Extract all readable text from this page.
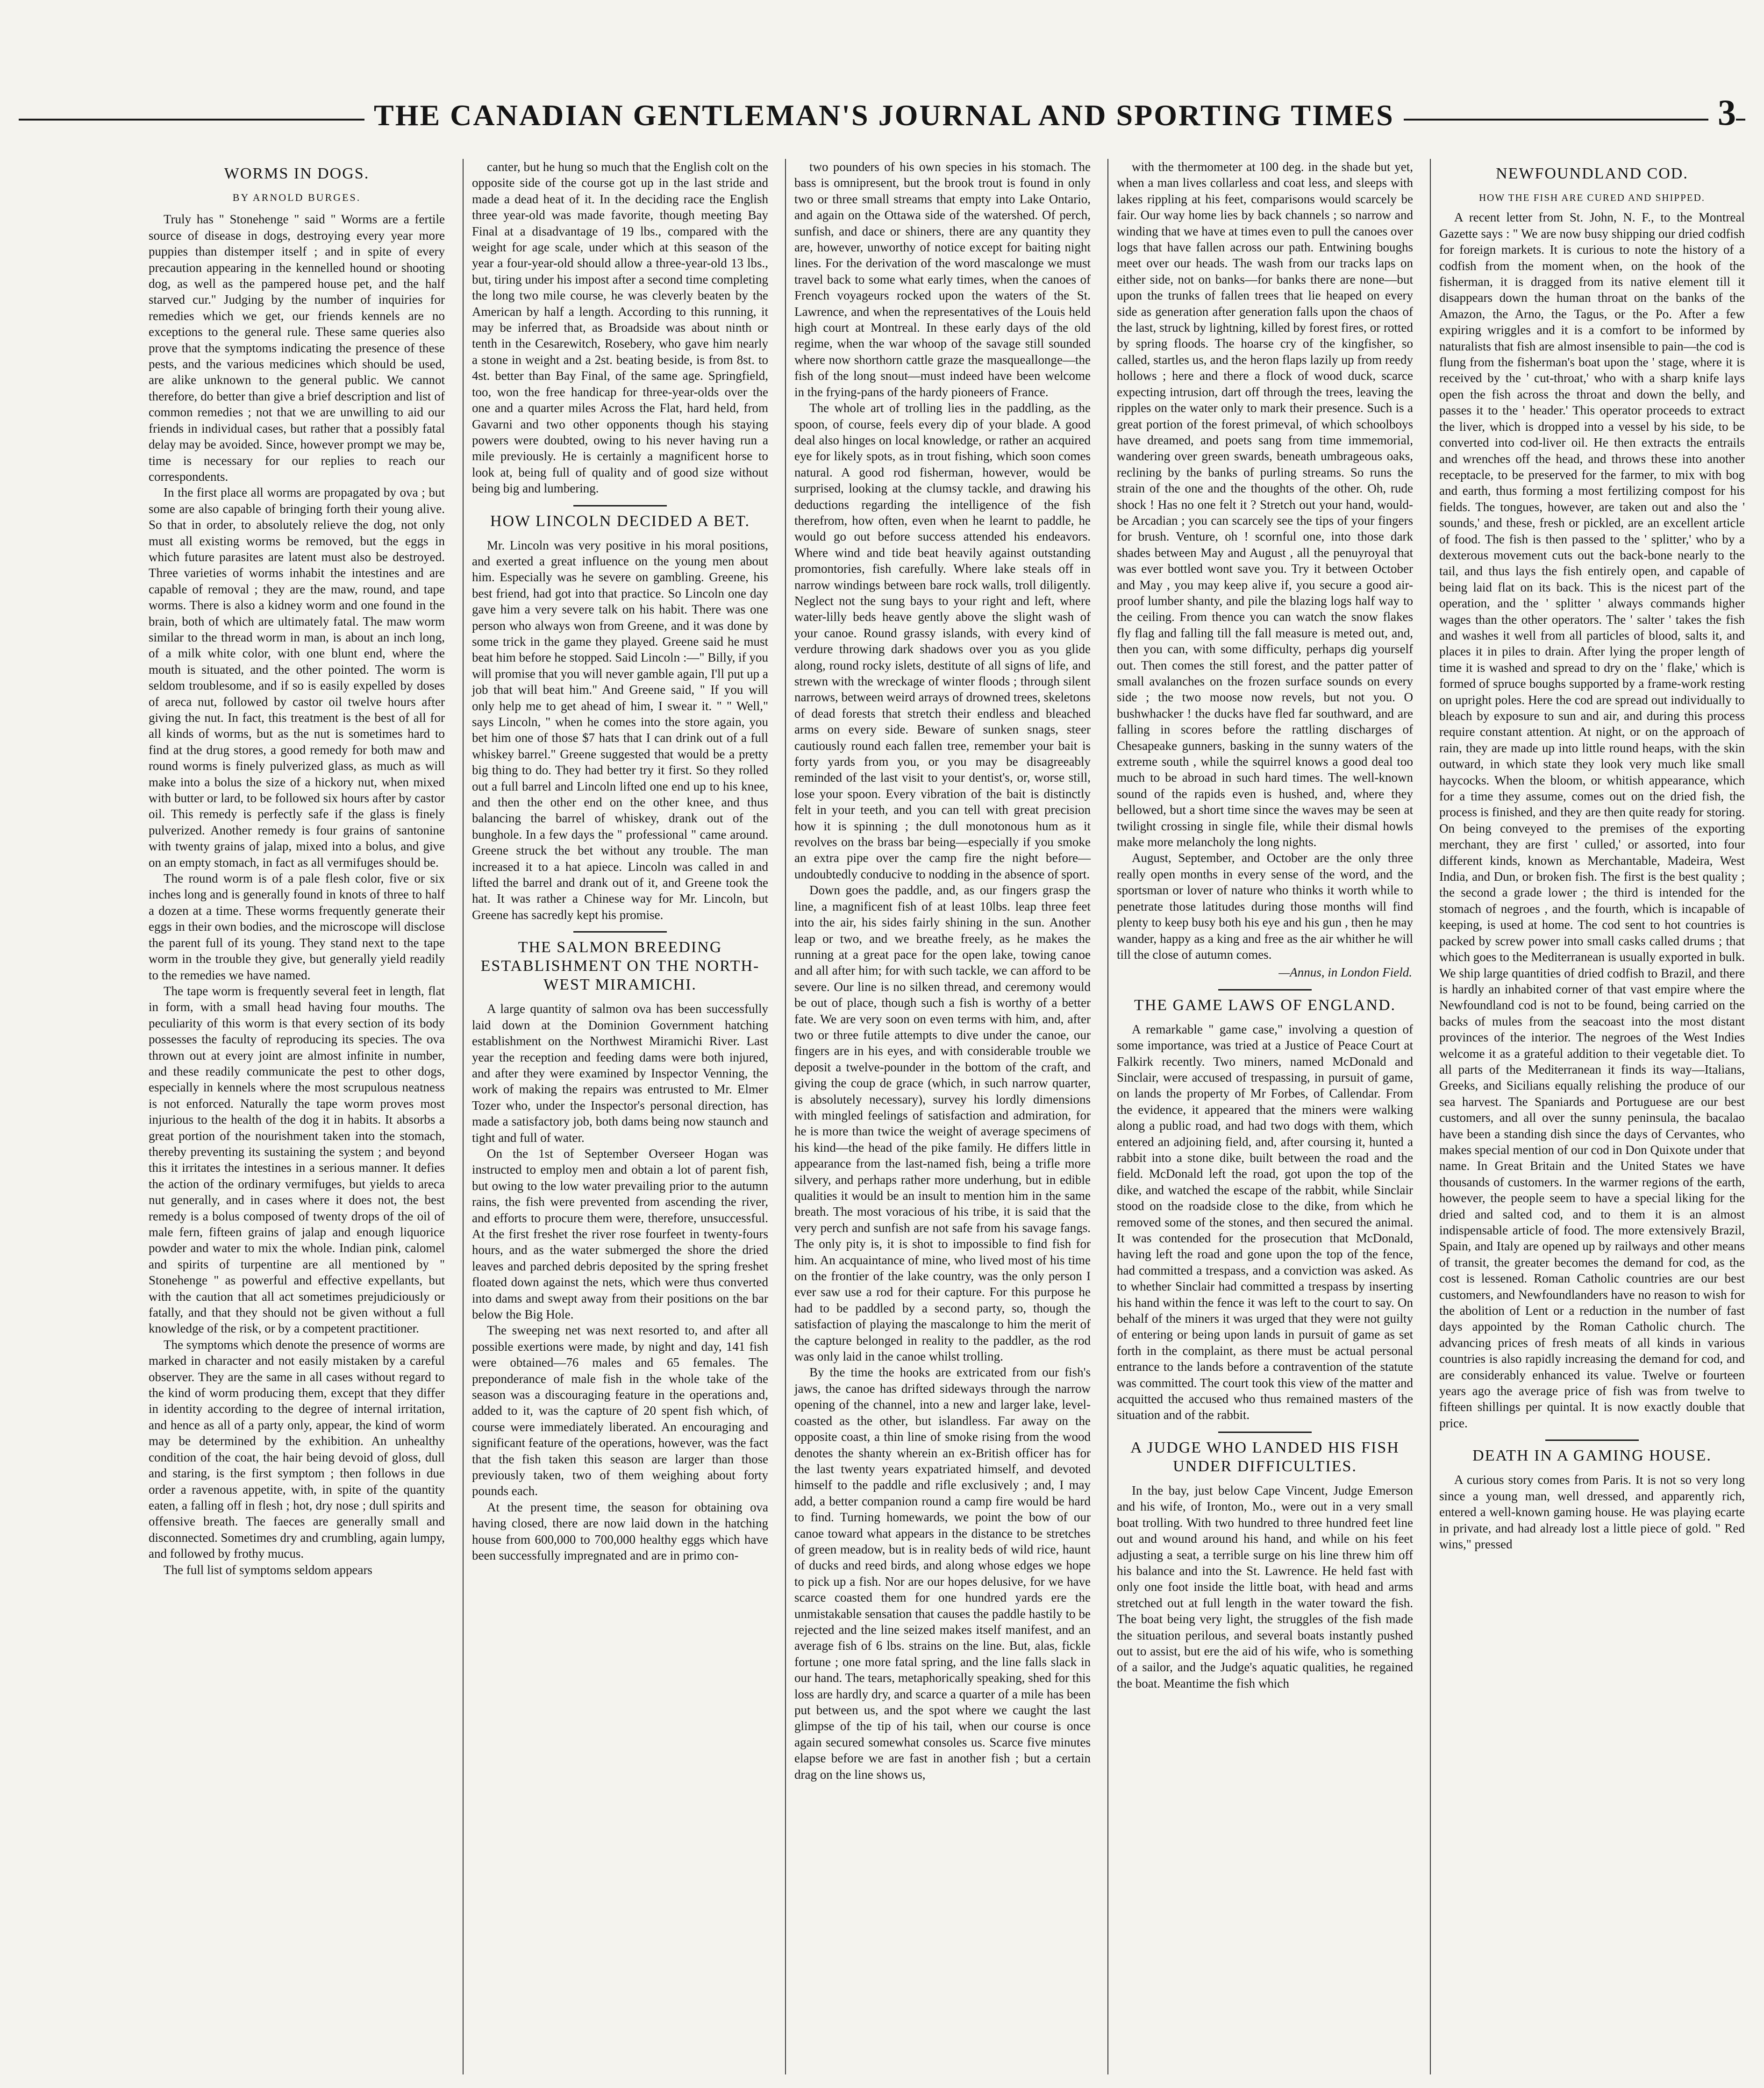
THE CANADIAN GENTLEMAN'S JOURNAL AND SPORTING TIMES	3
WORMS IN DOGS.
BY ARNOLD BURGES.

Truly has " Stonehenge " said " Worms are a fertile source of disease in dogs, destroying every year more puppies than distemper itself ; and in spite of every precaution appearing in the kennelled hound or shooting dog, as well as the pampered house pet, and the half starved cur." Judging by the number of inquiries for remedies which we get, our friends kennels are no exceptions to the general rule. These same queries also prove that the symptoms indicating the presence of these pests, and the various medicines which should be used, are alike unknown to the general public. We cannot therefore, do better than give a brief description and list of common remedies ; not that we are unwilling to aid our friends in individual cases, but rather that a possibly fatal delay may be avoided. Since, however prompt we may be, time is necessary for our replies to reach our correspondents.

In the first place all worms are propagated by ova ; but some are also capable of bringing forth their young alive. So that in order, to absolutely relieve the dog, not only must all existing worms be removed, but the eggs in which future parasites are latent must also be destroyed. Three varieties of worms inhabit the intestines and are capable of removal ; they are the maw, round, and tape worms. There is also a kidney worm and one found in the brain, both of which are ultimately fatal. The maw worm similar to the thread worm in man, is about an inch long, of a milk white color, with one blunt end, where the mouth is situated, and the other pointed. The worm is seldom troublesome, and if so is easily expelled by doses of areca nut, followed by castor oil twelve hours after giving the nut. In fact, this treatment is the best of all for all kinds of worms, but as the nut is sometimes hard to find at the drug stores, a good remedy for both maw and round worms is finely pulverized glass, as much as will make into a bolus the size of a hickory nut, when mixed with butter or lard, to be followed six hours after by castor oil. This remedy is perfectly safe if the glass is finely pulverized. Another remedy is four grains of santonine with twenty grains of jalap, mixed into a bolus, and give on an empty stomach, in fact as all vermifuges should be.

The round worm is of a pale flesh color, five or six inches long and is generally found in knots of three to half a dozen at a time. These worms frequently generate their eggs in their own bodies, and the microscope will disclose the parent full of its young. They stand next to the tape worm in the trouble they give, but generally yield readily to the remedies we have named.

The tape worm is frequently several feet in length, flat in form, with a small head having four mouths. The peculiarity of this worm is that every section of its body possesses the faculty of reproducing its species. The ova thrown out at every joint are almost infinite in number, and these readily communicate the pest to other dogs, especially in kennels where the most scrupulous neatness is not enforced. Naturally the tape worm proves most injurious to the health of the dog it in habits. It absorbs a great portion of the nourishment taken into the stomach, thereby preventing its sustaining the system ; and beyond this it irritates the intestines in a serious manner. It defies the action of the ordinary vermifuges, but yields to areca nut generally, and in cases where it does not, the best remedy is a bolus composed of twenty drops of the oil of male fern, fifteen grains of jalap and enough liquorice powder and water to mix the whole. Indian pink, calomel and spirits of turpentine are all mentioned by " Stonehenge " as powerful and effective expellants, but with the caution that all act sometimes prejudiciously or fatally, and that they should not be given without a full knowledge of the risk, or by a competent practitioner.

The symptoms which denote the presence of worms are marked in character and not easily mistaken by a careful observer. They are the same in all cases without regard to the kind of worm producing them, except that they differ in identity according to the degree of internal irritation, and hence as all of a party only, appear, the kind of worm may be determined by the exhibition. An unhealthy condition of the coat, the hair being devoid of gloss, dull and staring, is the first symptom ; then follows in due order a ravenous appetite, with, in spite of the quantity eaten, a falling off in flesh ; hot, dry nose ; dull spirits and offensive breath. The faeces are generally small and disconnected. Sometimes dry and crumbling, again lumpy, and followed by frothy mucus.

The full list of symptoms seldom appears

canter, but he hung so much that the English colt on the opposite side of the course got up in the last stride and made a dead heat of it. In the deciding race the English three year-old was made favorite, though meeting Bay Final at a disadvantage of 19 lbs., compared with the weight for age scale, under which at this season of the year a four-year-old should allow a three-year-old 13 lbs., but, tiring under his impost after a second time completing the long two mile course, he was cleverly beaten by the American by half a length. According to this running, it may be inferred that, as Broadside was about ninth or tenth in the Cesarewitch, Rosebery, who gave him nearly a stone in weight and a 2st. beating beside, is from 8st. to 4st. better than Bay Final, of the same age. Springfield, too, won the free handicap for three-year-olds over the one and a quarter miles Across the Flat, hard held, from Gavarni and two other opponents though his staying powers were doubted, owing to his never having run a mile previously. He is certainly a magnificent horse to look at, being full of quality and of good size without being big and lumbering.

HOW LINCOLN DECIDED A BET.

Mr. Lincoln was very positive in his moral positions, and exerted a great influence on the young men about him. Especially was he severe on gambling. Greene, his best friend, had got into that practice. So Lincoln one day gave him a very severe talk on his habit. There was one person who always won from Greene, and it was done by some trick in the game they played. Greene said he must beat him before he stopped. Said Lincoln :—" Billy, if you will promise that you will never gamble again, I'll put up a job that will beat him." And Greene said, " If you will only help me to get ahead of him, I swear it. " " Well," says Lincoln, " when he comes into the store again, you bet him one of those $7 hats that I can drink out of a full whiskey barrel." Greene suggested that would be a pretty big thing to do. They had better try it first. So they rolled out a full barrel and Lincoln lifted one end up to his knee, and then the other end on the other knee, and thus balancing the barrel of whiskey, drank out of the bunghole. In a few days the " professional " came around. Greene struck the bet without any trouble. The man increased it to a hat apiece. Lincoln was called in and lifted the barrel and drank out of it, and Greene took the hat. It was rather a Chinese way for Mr. Lincoln, but Greene has sacredly kept his promise.

THE SALMON BREEDING ESTABLISHMENT ON THE NORTH-WEST MIRAMICHI.

A large quantity of salmon ova has been successfully laid down at the Dominion Government hatching establishment on the Northwest Miramichi River. Last year the reception and feeding dams were both injured, and after they were examined by Inspector Venning, the work of making the repairs was entrusted to Mr. Elmer Tozer who, under the Inspector's personal direction, has made a satisfactory job, both dams being now staunch and tight and full of water.

On the 1st of September Overseer Hogan was instructed to employ men and obtain a lot of parent fish, but owing to the low water prevailing prior to the autumn rains, the fish were prevented from ascending the river, and efforts to procure them were, therefore, unsuccessful. At the first freshet the river rose fourfeet in twenty-fours hours, and as the water submerged the shore the dried leaves and parched debris deposited by the spring freshet floated down against the nets, which were thus converted into dams and swept away from their positions on the bar below the Big Hole.

The sweeping net was next resorted to, and after all possible exertions were made, by night and day, 141 fish were obtained—76 males and 65 females. The preponderance of male fish in the whole take of the season was a discouraging feature in the operations and, added to it, was the capture of 20 spent fish which, of course were immediately liberated. An encouraging and significant feature of the operations, however, was the fact that the fish taken this season are larger than those previously taken, two of them weighing about forty pounds each.

At the present time, the season for obtaining ova having closed, there are now laid down in the hatching house from 600,000 to 700,000 healthy eggs which have been successfully impregnated and are in primo con-

two pounders of his own species in his stomach. The bass is omnipresent, but the brook trout is found in only two or three small streams that empty into Lake Ontario, and again on the Ottawa side of the watershed. Of perch, sunfish, and dace or shiners, there are any quantity they are, however, unworthy of notice except for baiting night lines. For the derivation of the word mascalonge we must travel back to some what early times, when the canoes of French voyageurs rocked upon the waters of the St. Lawrence, and when the representatives of the Louis held high court at Montreal. In these early days of the old regime, when the war whoop of the savage still sounded where now shorthorn cattle graze the masqueallonge—the fish of the long snout—must indeed have been welcome in the frying-pans of the hardy pioneers of France.

The whole art of trolling lies in the paddling, as the spoon, of course, feels every dip of your blade. A good deal also hinges on local knowledge, or rather an acquired eye for likely spots, as in trout fishing, which soon comes natural. A good rod fisherman, however, would be surprised, looking at the clumsy tackle, and drawing his deductions regarding the intelligence of the fish therefrom, how often, even when he learnt to paddle, he would go out before success attended his endeavors. Where wind and tide beat heavily against outstanding promontories, fish carefully. Where lake steals off in narrow windings between bare rock walls, troll diligently. Neglect not the sung bays to your right and left, where water-lilly beds heave gently above the slight wash of your canoe. Round grassy islands, with every kind of verdure throwing dark shadows over you as you glide along, round rocky islets, destitute of all signs of life, and strewn with the wreckage of winter floods ; through silent narrows, between weird arrays of drowned trees, skeletons of dead forests that stretch their endless and bleached arms on every side. Beware of sunken snags, steer cautiously round each fallen tree, remember your bait is forty yards from you, or you may be disagreeably reminded of the last visit to your dentist's, or, worse still, lose your spoon. Every vibration of the bait is distinctly felt in your teeth, and you can tell with great precision how it is spinning ; the dull monotonous hum as it revolves on the brass bar being—especially if you smoke an extra pipe over the camp fire the night before—undoubtedly conducive to nodding in the absence of sport.

Down goes the paddle, and, as our fingers grasp the line, a magnificent fish of at least 10lbs. leap three feet into the air, his sides fairly shining in the sun. Another leap or two, and we breathe freely, as he makes the running at a great pace for the open lake, towing canoe and all after him; for with such tackle, we can afford to be severe. Our line is no silken thread, and ceremony would be out of place, though such a fish is worthy of a better fate. We are very soon on even terms with him, and, after two or three futile attempts to dive under the canoe, our fingers are in his eyes, and with considerable trouble we deposit a twelve-pounder in the bottom of the craft, and giving the coup de grace (which, in such narrow quarter, is absolutely necessary), survey his lordly dimensions with mingled feelings of satisfaction and admiration, for he is more than twice the weight of average specimens of his kind—the head of the pike family. He differs little in appearance from the last-named fish, being a trifle more silvery, and perhaps rather more underhung, but in edible qualities it would be an insult to mention him in the same breath. The most voracious of his tribe, it is said that the very perch and sunfish are not safe from his savage fangs. The only pity is, it is shot to impossible to find fish for him. An acquaintance of mine, who lived most of his time on the frontier of the lake country, was the only person I ever saw use a rod for their capture. For this purpose he had to be paddled by a second party, so, though the satisfaction of playing the mascalonge to him the merit of the capture belonged in reality to the paddler, as the rod was only laid in the canoe whilst trolling.

By the time the hooks are extricated from our fish's jaws, the canoe has drifted sideways through the narrow opening of the channel, into a new and larger lake, level-coasted as the other, but islandless. Far away on the opposite coast, a thin line of smoke rising from the wood denotes the shanty wherein an ex-British officer has for the last twenty years expatriated himself, and devoted himself to the paddle and rifle exclusively ; and, I may add, a better companion round a camp fire would be hard to find. Turning homewards, we point the bow of our canoe toward what appears in the distance to be stretches of green meadow, but is in reality beds of wild rice, haunt of ducks and reed birds, and along whose edges we hope to pick up a fish. Nor are our hopes delusive, for we have scarce coasted them for one hundred yards ere the unmistakable sensation that causes the paddle hastily to be rejected and the line seized makes itself manifest, and an average fish of 6 lbs. strains on the line. But, alas, fickle fortune ; one more fatal spring, and the line falls slack in our hand. The tears, metaphorically speaking, shed for this loss are hardly dry, and scarce a quarter of a mile has been put between us, and the spot where we caught the last glimpse of the tip of his tail, when our course is once again secured somewhat consoles us. Scarce five minutes elapse before we are fast in another fish ; but a certain drag on the line shows us,

with the thermometer at 100 deg. in the shade but yet, when a man lives collarless and coat less, and sleeps with lakes rippling at his feet, comparisons would scarcely be fair. Our way home lies by back channels ; so narrow and winding that we have at times even to pull the canoes over logs that have fallen across our path. Entwining boughs meet over our heads. The wash from our tracks laps on either side, not on banks—for banks there are none—but upon the trunks of fallen trees that lie heaped on every side as generation after generation falls upon the chaos of the last, struck by lightning, killed by forest fires, or rotted by spring floods. The hoarse cry of the kingfisher, so called, startles us, and the heron flaps lazily up from reedy hollows ; here and there a flock of wood duck, scarce expecting intrusion, dart off through the trees, leaving the ripples on the water only to mark their presence. Such is a great portion of the forest primeval, of which schoolboys have dreamed, and poets sang from time immemorial, wandering over green swards, beneath umbrageous oaks, reclining by the banks of purling streams. So runs the strain of the one and the thoughts of the other. Oh, rude shock ! Has no one felt it ? Stretch out your hand, would-be Arcadian ; you can scarcely see the tips of your fingers for brush. Venture, oh ! scornful one, into those dark shades between May and August , all the penuyroyal that was ever bottled wont save you. Try it between October and May , you may keep alive if, you secure a good air-proof lumber shanty, and pile the blazing logs half way to the ceiling. From thence you can watch the snow flakes fly flag and falling till the fall measure is meted out, and, then you can, with some difficulty, perhaps dig yourself out. Then comes the still forest, and the patter patter of small avalanches on the frozen surface sounds on every side ; the two moose now revels, but not you. O bushwhacker ! the ducks have fled far southward, and are falling in scores before the rattling discharges of Chesapeake gunners, basking in the sunny waters of the extreme south , while the squirrel knows a good deal too much to be abroad in such hard times. The well-known sound of the rapids even is hushed, and, where they bellowed, but a short time since the waves may be seen at twilight crossing in single file, while their dismal howls make more melancholy the long nights.

August, September, and October are the only three really open months in every sense of the word, and the sportsman or lover of nature who thinks it worth while to penetrate those latitudes during those months will find plenty to keep busy both his eye and his gun , then he may wander, happy as a king and free as the air whither he will till the close of autumn comes.

—Annus, in London Field.
THE GAME LAWS OF ENGLAND.

A remarkable " game case," involving a question of some importance, was tried at a Justice of Peace Court at Falkirk recently. Two miners, named McDonald and Sinclair, were accused of trespassing, in pursuit of game, on lands the property of Mr Forbes, of Callendar. From the evidence, it appeared that the miners were walking along a public road, and had two dogs with them, which entered an adjoining field, and, after coursing it, hunted a rabbit into a stone dike, built between the road and the field. McDonald left the road, got upon the top of the dike, and watched the escape of the rabbit, while Sinclair stood on the roadside close to the dike, from which he removed some of the stones, and then secured the animal. It was contended for the prosecution that McDonald, having left the road and gone upon the top of the fence, had committed a trespass, and a conviction was asked. As to whether Sinclair had committed a trespass by inserting his hand within the fence it was left to the court to say. On behalf of the miners it was urged that they were not guilty of entering or being upon lands in pursuit of game as set forth in the complaint, as there must be actual personal entrance to the lands before a contravention of the statute was committed. The court took this view of the matter and acquitted the accused who thus remained masters of the situation and of the rabbit.

A JUDGE WHO LANDED HIS FISH UNDER DIFFICULTIES.

In the bay, just below Cape Vincent, Judge Emerson and his wife, of Ironton, Mo., were out in a very small boat trolling. With two hundred to three hundred feet line out and wound around his hand, and while on his feet adjusting a seat, a terrible surge on his line threw him off his balance and into the St. Lawrence. He held fast with only one foot inside the little boat, with head and arms stretched out at full length in the water toward the fish. The boat being very light, the struggles of the fish made the situation perilous, and several boats instantly pushed out to assist, but ere the aid of his wife, who is something of a sailor, and the Judge's aquatic qualities, he regained the boat. Meantime the fish which

NEWFOUNDLAND COD.
HOW THE FISH ARE CURED AND SHIPPED.

A recent letter from St. John, N. F., to the Montreal Gazette says : " We are now busy shipping our dried codfish for foreign markets. It is curious to note the history of a codfish from the moment when, on the hook of the fisherman, it is dragged from its native element till it disappears down the human throat on the banks of the Amazon, the Arno, the Tagus, or the Po. After a few expiring wriggles and it is a comfort to be informed by naturalists that fish are almost insensible to pain—the cod is flung from the fisherman's boat upon the ' stage, where it is received by the ' cut-throat,' who with a sharp knife lays open the fish across the throat and down the belly, and passes it to the ' header.' This operator proceeds to extract the liver, which is dropped into a vessel by his side, to be converted into cod-liver oil. He then extracts the entrails and wrenches off the head, and throws these into another receptacle, to be preserved for the farmer, to mix with bog and earth, thus forming a most fertilizing compost for his fields. The tongues, however, are taken out and also the ' sounds,' and these, fresh or pickled, are an excellent article of food. The fish is then passed to the ' splitter,' who by a dexterous movement cuts out the back-bone nearly to the tail, and thus lays the fish entirely open, and capable of being laid flat on its back. This is the nicest part of the operation, and the ' splitter ' always commands higher wages than the other operators. The ' salter ' takes the fish and washes it well from all particles of blood, salts it, and places it in piles to drain. After lying the proper length of time it is washed and spread to dry on the ' flake,' which is formed of spruce boughs supported by a frame-work resting on upright poles. Here the cod are spread out individually to bleach by exposure to sun and air, and during this process require constant attention. At night, or on the approach of rain, they are made up into little round heaps, with the skin outward, in which state they look very much like small haycocks. When the bloom, or whitish appearance, which for a time they assume, comes out on the dried fish, the process is finished, and they are then quite ready for storing. On being conveyed to the premises of the exporting merchant, they are first ' culled,' or assorted, into four different kinds, known as Merchantable, Madeira, West India, and Dun, or broken fish. The first is the best quality ; the second a grade lower ; the third is intended for the stomach of negroes , and the fourth, which is incapable of keeping, is used at home. The cod sent to hot countries is packed by screw power into small casks called drums ; that which goes to the Mediterranean is usually exported in bulk. We ship large quantities of dried codfish to Brazil, and there is hardly an inhabited corner of that vast empire where the Newfoundland cod is not to be found, being carried on the backs of mules from the seacoast into the most distant provinces of the interior. The negroes of the West Indies welcome it as a grateful addition to their vegetable diet. To all parts of the Mediterranean it finds its way—Italians, Greeks, and Sicilians equally relishing the produce of our sea harvest. The Spaniards and Portuguese are our best customers, and all over the sunny peninsula, the bacalao have been a standing dish since the days of Cervantes, who makes special mention of our cod in Don Quixote under that name. In Great Britain and the United States we have thousands of customers. In the warmer regions of the earth, however, the people seem to have a special liking for the dried and salted cod, and to them it is an almost indispensable article of food. The more extensively Brazil, Spain, and Italy are opened up by railways and other means of transit, the greater becomes the demand for cod, as the cost is lessened. Roman Catholic countries are our best customers, and Newfoundlanders have no reason to wish for the abolition of Lent or a reduction in the number of fast days appointed by the Roman Catholic church. The advancing prices of fresh meats of all kinds in various countries is also rapidly increasing the demand for cod, and are considerably enhanced its value. Twelve or fourteen years ago the average price of fish was from twelve to fifteen shillings per quintal. It is now exactly double that price.

DEATH IN A GAMING HOUSE.

A curious story comes from Paris. It is not so very long since a young man, well dressed, and apparently rich, entered a well-known gaming house. He was playing ecarte in private, and had already lost a little piece of gold. " Red wins," pressed
